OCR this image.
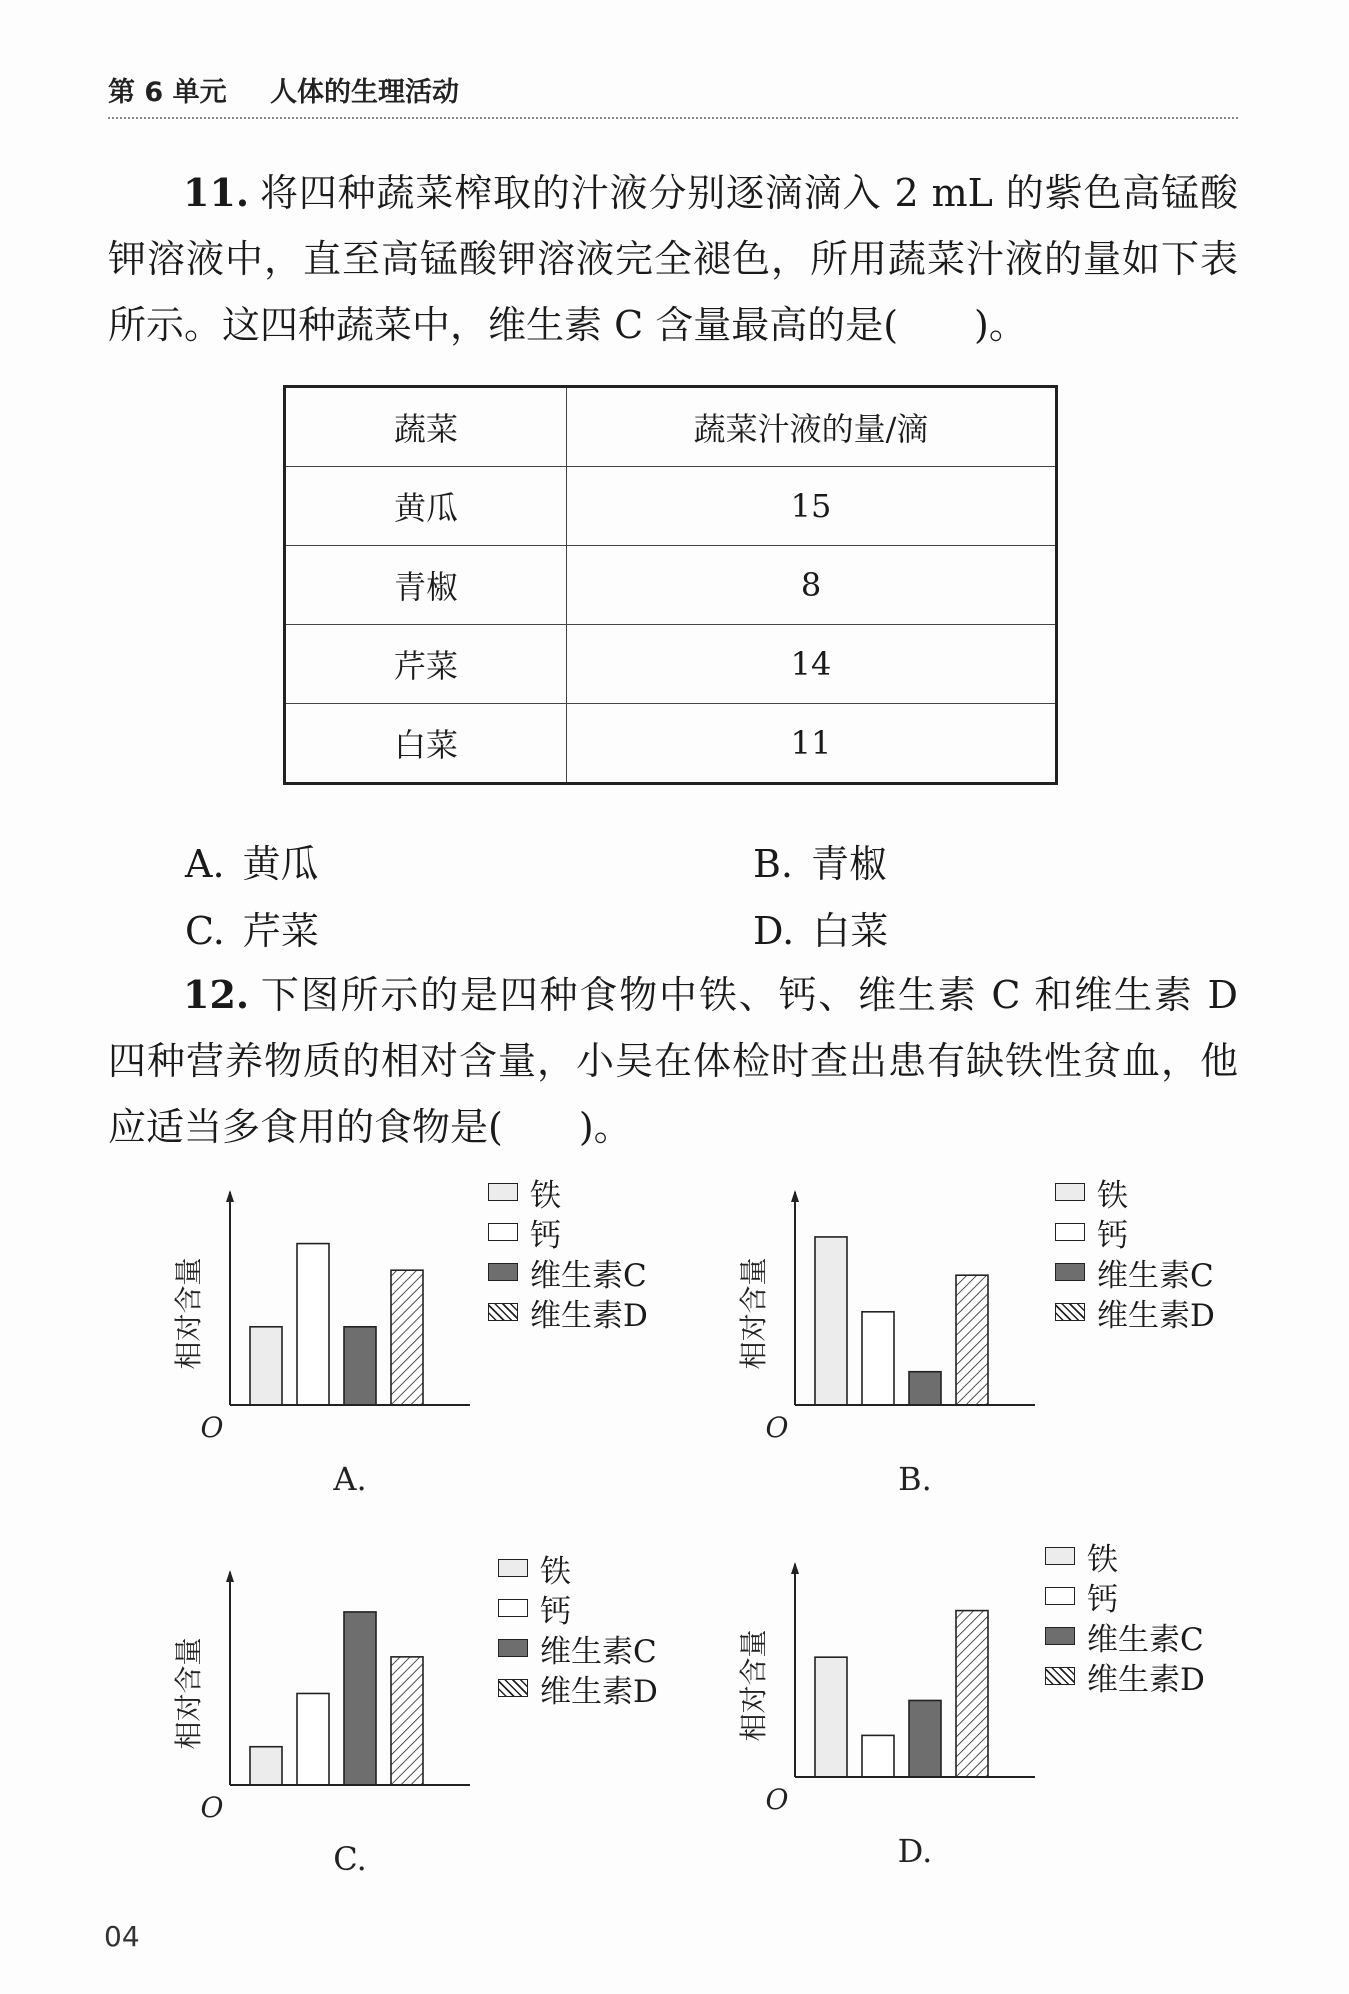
第 6 单元 人体的生理活动
11. 将四种蔬菜榨取的汁液分别逐滴滴入 2 mL 的紫色高锰酸钾溶液中，直至高锰酸钾溶液完全褪色，所用蔬菜汁液的量如下表所示。这四种蔬菜中，维生素 C 含量最高的是(　　)。
蔬菜	蔬菜汁液的量/滴
黄瓜	15
青椒	8
芹菜	14
白菜	11
A. 黄瓜	B. 青椒
C. 芹菜	D. 白菜
12. 下图所示的是四种食物中铁、钙、维生素 C 和维生素 D 四种营养物质的相对含量，小吴在体检时查出患有缺铁性贫血，他应适当多食用的食物是(　　)。
相对含量
O
A.
相对含量
O
B.
相对含量
O
C.
相对含量
O
D.
铁
钙
维生素C
维生素D
铁
钙
维生素C
维生素D
铁
钙
维生素C
维生素D
铁
钙
维生素C
维生素D
04
